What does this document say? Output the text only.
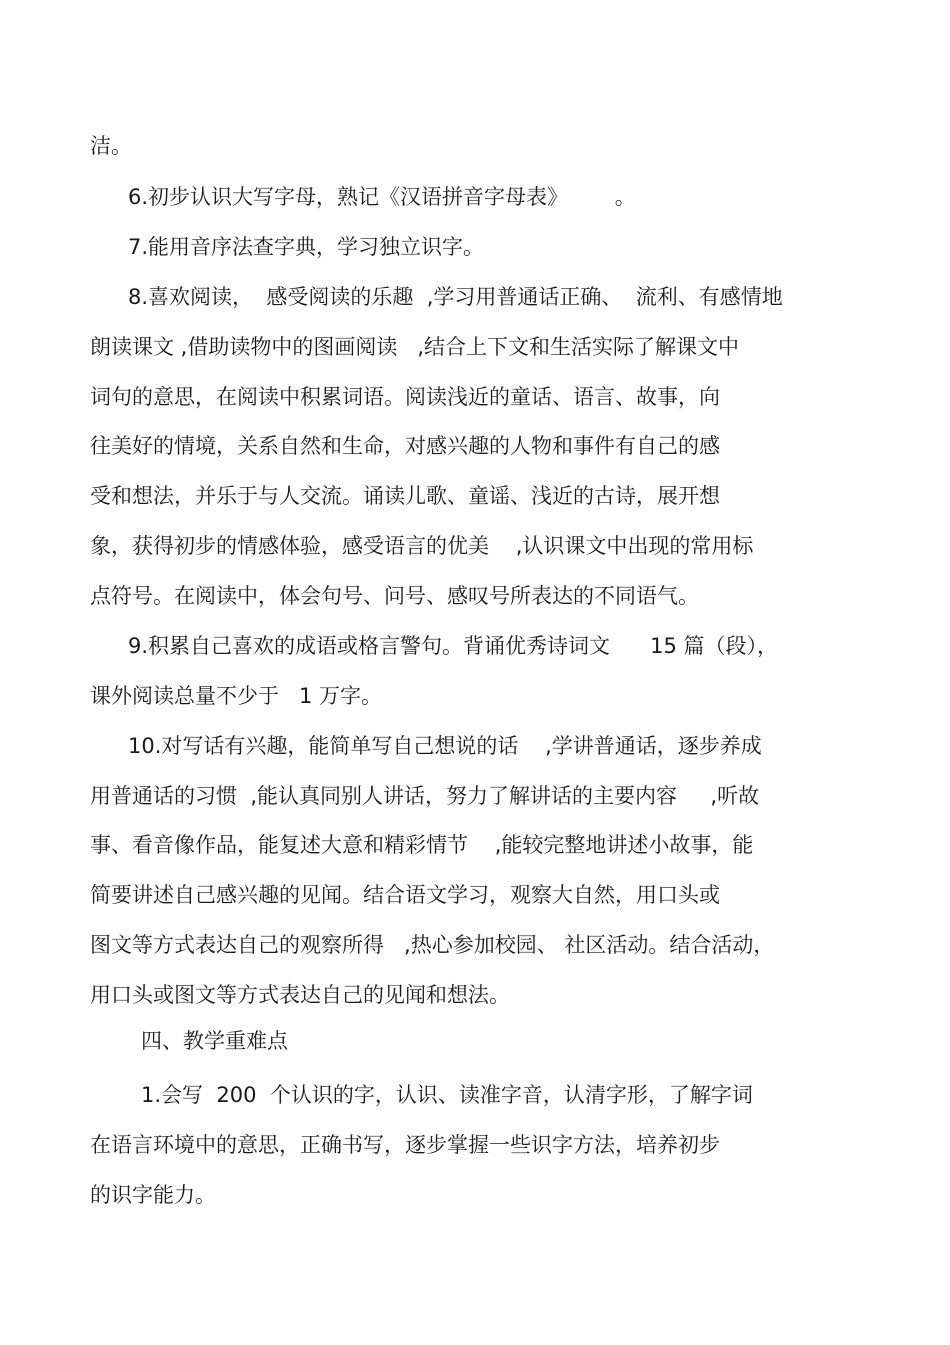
洁。
6.初步认识大写字母，熟记《汉语拼音字母表》       。
7.能用音序法查字典，学习独立识字。
8.喜欢阅读，  感受阅读的乐趣  ,学习用普通话正确、  流利、有感情地
朗读课文 ,借助读物中的图画阅读   ,结合上下文和生活实际了解课文中
词句的意思，在阅读中积累词语。阅读浅近的童话、语言、故事，向
往美好的情境，关系自然和生命，对感兴趣的人物和事件有自己的感
受和想法，并乐于与人交流。诵读儿歌、童谣、浅近的古诗，展开想
象，获得初步的情感体验，感受语言的优美    ,认识课文中出现的常用标
点符号。在阅读中，体会句号、问号、感叹号所表达的不同语气。
9.积累自己喜欢的成语或格言警句。背诵优秀诗词文      15 篇（段），
课外阅读总量不少于   1 万字。
10.对写话有兴趣，能简单写自己想说的话    ,学讲普通话，逐步养成
用普通话的习惯  ,能认真同别人讲话，努力了解讲话的主要内容     ,听故
事、看音像作品，能复述大意和精彩情节    ,能较完整地讲述小故事，能
简要讲述自己感兴趣的见闻。结合语文学习，观察大自然，用口头或
图文等方式表达自己的观察所得   ,热心参加校园、 社区活动。结合活动，
用口头或图文等方式表达自己的见闻和想法。
四、教学重难点
1.会写  200  个认识的字，认识、读准字音，认清字形，了解字词
在语言环境中的意思，正确书写，逐步掌握一些识字方法，培养初步
的识字能力。
